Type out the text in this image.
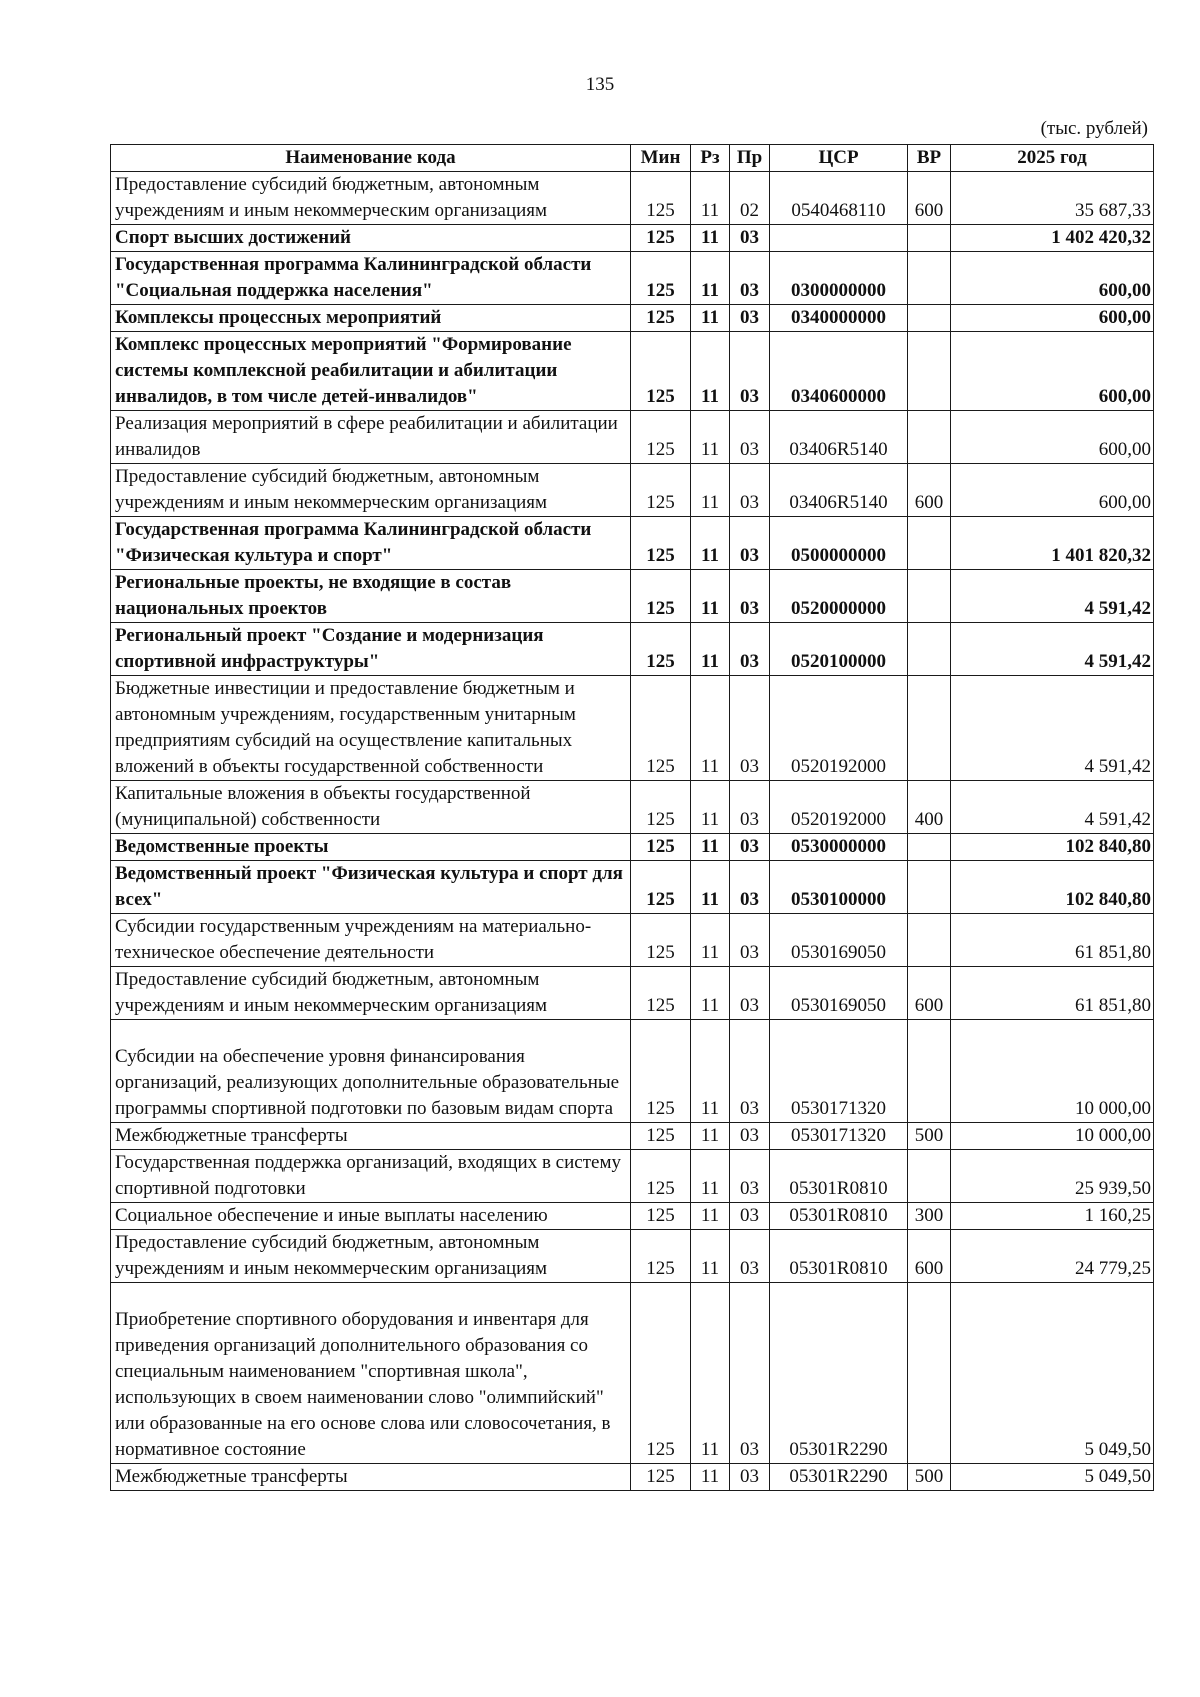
135
(тыс. рублей)
Наименование кода	Мин	Рз	Пр	ЦСР	ВР	2025 год
Предоставление субсидий бюджетным, автономным учреждениям и иным некоммерческим организациям	125	11	02	0540468110	600	35 687,33
Спорт высших достижений	125	11	03			1 402 420,32
Государственная программа Калининградской области "Социальная поддержка населения"	125	11	03	0300000000		600,00
Комплексы процессных мероприятий	125	11	03	0340000000		600,00
Комплекс процессных мероприятий "Формирование системы комплексной реабилитации и абилитации инвалидов, в том числе детей-инвалидов"	125	11	03	0340600000		600,00
Реализация мероприятий в сфере реабилитации и абилитации инвалидов	125	11	03	03406R5140		600,00
Предоставление субсидий бюджетным, автономным учреждениям и иным некоммерческим организациям	125	11	03	03406R5140	600	600,00
Государственная программа Калининградской области "Физическая культура и спорт"	125	11	03	0500000000		1 401 820,32
Региональные проекты, не входящие в состав национальных проектов	125	11	03	0520000000		4 591,42
Региональный проект "Создание и модернизация спортивной инфраструктуры"	125	11	03	0520100000		4 591,42
Бюджетные инвестиции и предоставление бюджетным и автономным учреждениям, государственным унитарным предприятиям субсидий на осуществление капитальных вложений в объекты государственной собственности	125	11	03	0520192000		4 591,42
Капитальные вложения в объекты государственной (муниципальной) собственности	125	11	03	0520192000	400	4 591,42
Ведомственные проекты	125	11	03	0530000000		102 840,80
Ведомственный проект "Физическая культура и спорт для всех"	125	11	03	0530100000		102 840,80
Субсидии государственным учреждениям на материально-техническое обеспечение деятельности	125	11	03	0530169050		61 851,80
Предоставление субсидий бюджетным, автономным учреждениям и иным некоммерческим организациям	125	11	03	0530169050	600	61 851,80
Субсидии на обеспечение уровня финансирования организаций, реализующих дополнительные образовательные программы спортивной подготовки по базовым видам спорта	125	11	03	0530171320		10 000,00
Межбюджетные трансферты	125	11	03	0530171320	500	10 000,00
Государственная поддержка организаций, входящих в систему спортивной подготовки	125	11	03	05301R0810		25 939,50
Социальное обеспечение и иные выплаты населению	125	11	03	05301R0810	300	1 160,25
Предоставление субсидий бюджетным, автономным учреждениям и иным некоммерческим организациям	125	11	03	05301R0810	600	24 779,25
Приобретение спортивного оборудования и инвентаря для приведения организаций дополнительного образования со специальным наименованием "спортивная школа", использующих в своем наименовании слово "олимпийский" или образованные на его основе слова или словосочетания, в нормативное состояние	125	11	03	05301R2290		5 049,50
Межбюджетные трансферты	125	11	03	05301R2290	500	5 049,50
